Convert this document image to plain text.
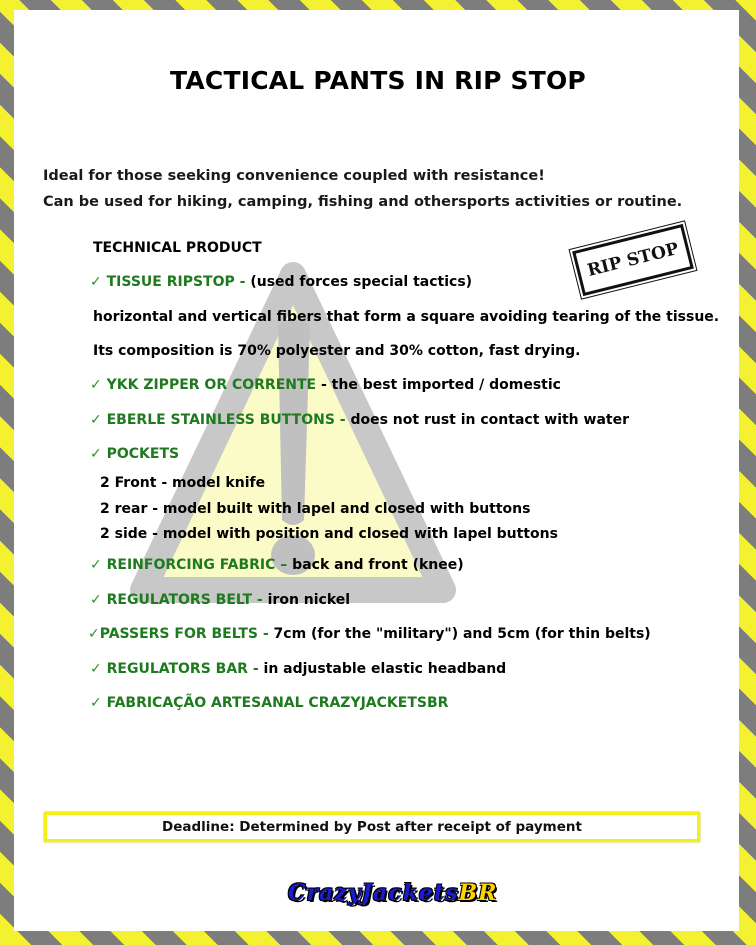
TACTICAL PANTS IN RIP STOP
Ideal for those seeking convenience coupled with resistance!
Can be used for hiking, camping, fishing and othersports activities or routine.
RIP STOP
TECHNICAL PRODUCT
✓ TISSUE RIPSTOP - (used forces special tactics)
horizontal and vertical fibers that form a square avoiding tearing of the tissue.
Its composition is 70% polyester and 30% cotton, fast drying.
✓ YKK ZIPPER OR CORRENTE - the best imported / domestic
✓ EBERLE STAINLESS BUTTONS - does not rust in contact with water
✓ POCKETS
2 Front - model knife
2 rear - model built with lapel and closed with buttons
2 side - model with position and closed with lapel buttons
✓ REINFORCING FABRIC – back and front (knee)
✓ REGULATORS BELT - iron nickel
✓PASSERS FOR BELTS - 7cm (for the "military") and 5cm (for thin belts)
✓ REGULATORS BAR - in adjustable elastic headband
✓ FABRICAÇÃO ARTESANAL CRAZYJACKETSBR
Deadline: Determined by Post after receipt of payment
CrazyJacketsBR
